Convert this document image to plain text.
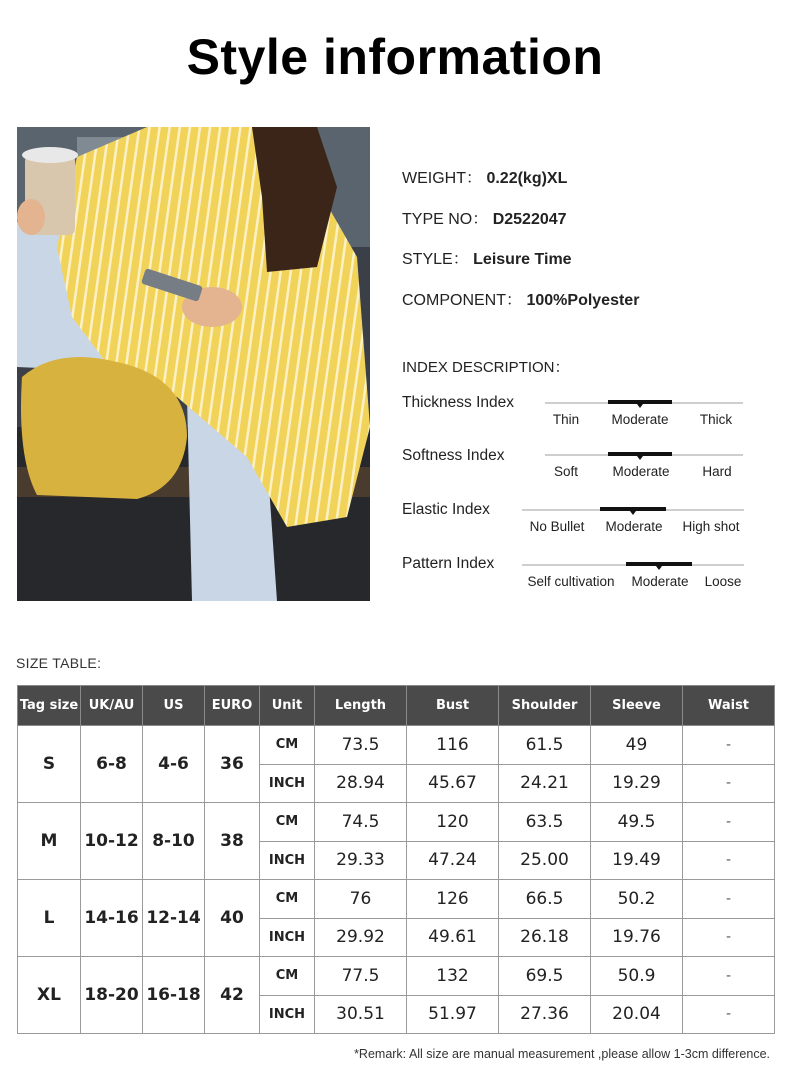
Style information
WEIGHT： 0.22(kg)XL
TYPE NO： D2522047
STYLE： Leisure Time
COMPONENT： 100%Polyester
INDEX DESCRIPTION：
Thickness Index
Thin Moderate Thick
Softness Index
Soft	Moderate Hard
Elastic Index
No Bullet Moderate High shot
Pattern Index
Self cultivation Moderate Loose
SIZE TABLE:
Tag size	UK/AU	US	EURO	Unit	Length	Bust	Shoulder	Sleeve	Waist
S	6-8	4-6	36	CM	73.5	116	61.5	49	-
				INCH	28.94	45.67	24.21	19.29	-
M	10-12	8-10	38	CM	74.5	120	63.5	49.5	-
				INCH	29.33	47.24	25.00	19.49	-
L	14-16	12-14	40	CM	76	126	66.5	50.2	-
				INCH	29.92	49.61	26.18	19.76	-
XL	18-20	16-18	42	CM	77.5	132	69.5	50.9	-
				INCH	30.51	51.97	27.36	20.04	-
*Remark: All size are manual measurement ,please allow 1-3cm difference.
